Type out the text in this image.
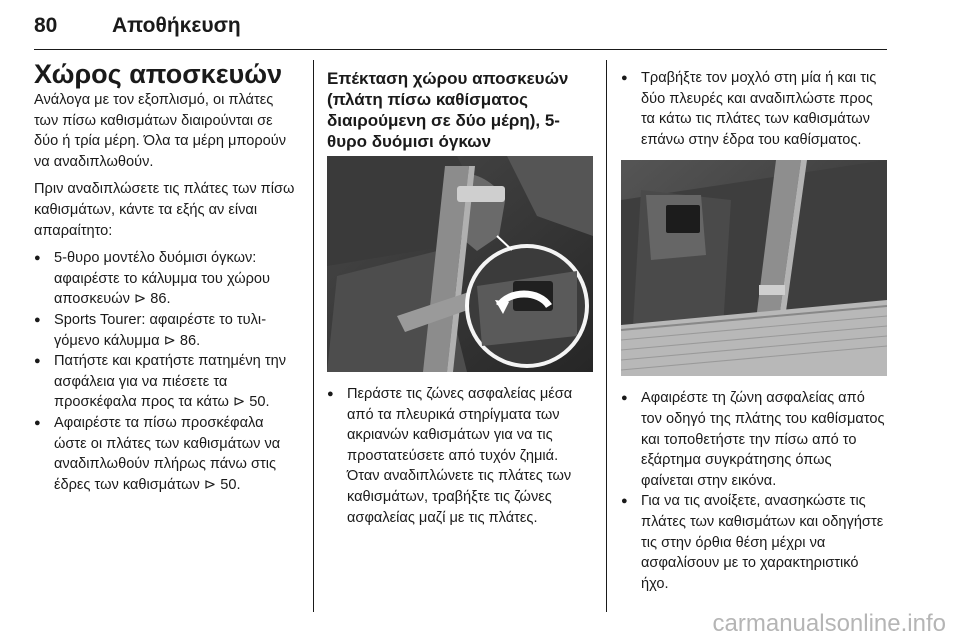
80	Αποθήκευση

Χώρος αποσκευών

Ανάλογα με τον εξοπλισμό, οι πλάτες των πίσω καθισμάτων διαιρούνται σε δύο ή τρία μέρη. Όλα τα μέρη μπορούν να αναδιπλωθούν.

Πριν αναδιπλώσετε τις πλάτες των πίσω καθισμάτων, κάντε τα εξής αν είναι απαραίτητο:

● 5-θυρο μοντέλο δυόμισι όγκων: αφαιρέστε το κάλυμμα του χώρου αποσκευών ⊳ 86.

● Sports Tourer: αφαιρέστε το τυλιγόμενο κάλυμμα ⊳ 86.

● Πατήστε και κρατήστε πατημένη την ασφάλεια για να πιέσετε τα προσκέφαλα προς τα κάτω ⊳ 50.

● Αφαιρέστε τα πίσω προσκέφαλα ώστε οι πλάτες των καθισμάτων να αναδιπλωθούν πλήρως πάνω στις έδρες των καθισμάτων ⊳ 50.

Επέκταση χώρου αποσκευών (πλάτη πίσω καθίσματος διαιρούμενη σε δύο μέρη), 5-θυρο δυόμισι όγκων

● Περάστε τις ζώνες ασφαλείας μέσα από τα πλευρικά στηρίγματα των ακριανών καθισμάτων για να τις προστατεύσετε από τυχόν ζημιά. Όταν αναδιπλώνετε τις πλάτες των καθισμάτων, τραβήξτε τις ζώνες ασφαλείας μαζί με τις πλάτες.

● Τραβήξτε τον μοχλό στη μία ή και τις δύο πλευρές και αναδιπλώστε προς τα κάτω τις πλάτες των καθισμάτων επάνω στην έδρα του καθίσματος.

● Αφαιρέστε τη ζώνη ασφαλείας από τον οδηγό της πλάτης του καθίσματος και τοποθετήστε την πίσω από το εξάρτημα συγκράτησης όπως φαίνεται στην εικόνα.

● Για να τις ανοίξετε, ανασηκώστε τις πλάτες των καθισμάτων και οδηγήστε τις στην όρθια θέση μέχρι να ασφαλίσουν με το χαρακτηριστικό ήχο.

carmanualsonline.info
